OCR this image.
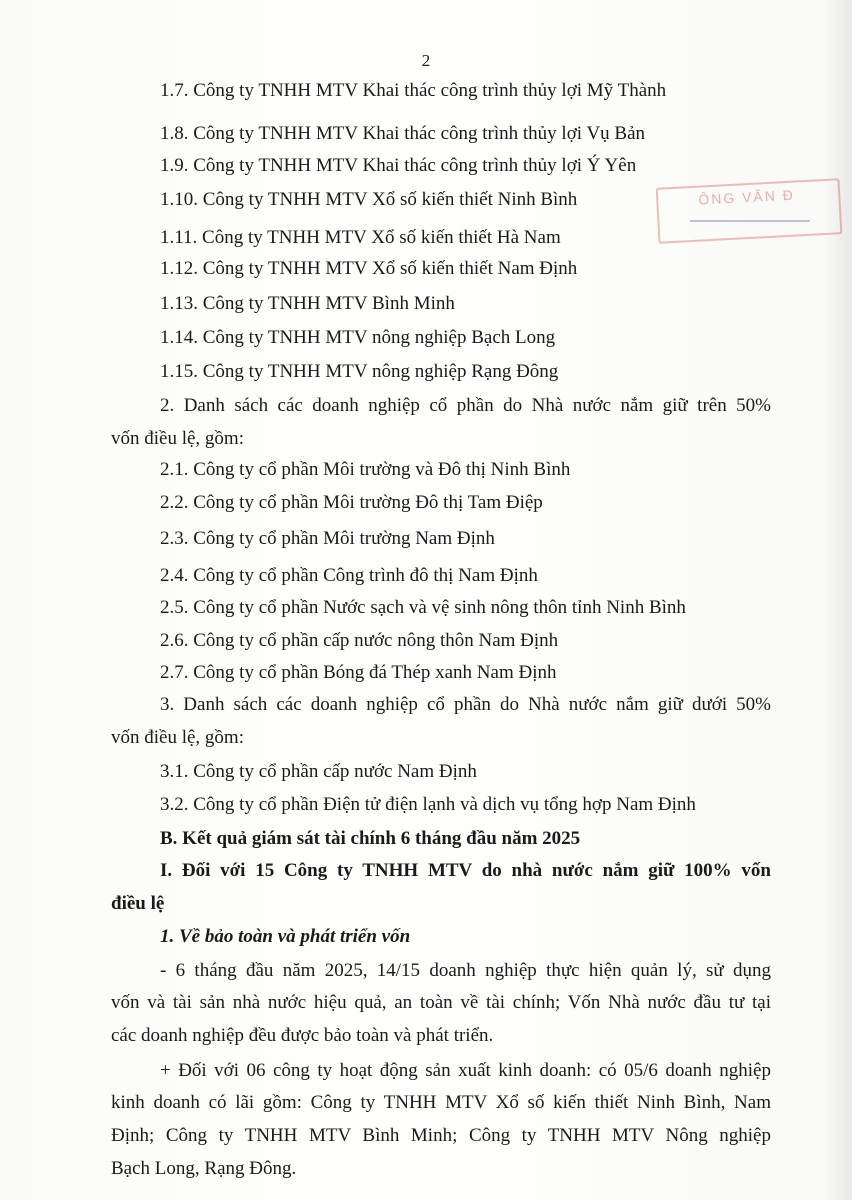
2
ÔNG VĂN Đ
1.7. Công ty TNHH MTV Khai thác công trình thủy lợi Mỹ Thành
1.8. Công ty TNHH MTV Khai thác công trình thủy lợi Vụ Bản
1.9. Công ty TNHH MTV Khai thác công trình thủy lợi Ý Yên
1.10. Công ty TNHH MTV Xổ số kiến thiết Ninh Bình
1.11. Công ty TNHH MTV Xổ số kiến thiết Hà Nam
1.12. Công ty TNHH MTV Xổ số kiến thiết Nam Định
1.13. Công ty TNHH MTV Bình Minh
1.14. Công ty TNHH MTV nông nghiệp Bạch Long
1.15. Công ty TNHH MTV nông nghiệp Rạng Đông
2. Danh sách các doanh nghiệp cổ phần do Nhà nước nắm giữ trên 50%
vốn điều lệ, gồm:
2.1. Công ty cổ phần Môi trường và Đô thị Ninh Bình
2.2. Công ty cổ phần Môi trường Đô thị Tam Điệp
2.3. Công ty cổ phần Môi trường Nam Định
2.4. Công ty cổ phần Công trình đô thị Nam Định
2.5. Công ty cổ phần Nước sạch và vệ sinh nông thôn tỉnh Ninh Bình
2.6. Công ty cổ phần cấp nước nông thôn Nam Định
2.7. Công ty cổ phần Bóng đá Thép xanh Nam Định
3. Danh sách các doanh nghiệp cổ phần do Nhà nước nắm giữ dưới 50%
vốn điều lệ, gồm:
3.1. Công ty cổ phần cấp nước Nam Định
3.2. Công ty cổ phần Điện tử điện lạnh và dịch vụ tổng hợp Nam Định
B. Kết quả giám sát tài chính 6 tháng đầu năm 2025
I. Đối với 15 Công ty TNHH MTV do nhà nước nắm giữ 100% vốn
điều lệ
1. Về bảo toàn và phát triển vốn
- 6 tháng đầu năm 2025, 14/15 doanh nghiệp thực hiện quản lý, sử dụng
vốn và tài sản nhà nước hiệu quả, an toàn về tài chính; Vốn Nhà nước đầu tư tại
các doanh nghiệp đều được bảo toàn và phát triển.
+ Đối với 06 công ty hoạt động sản xuất kinh doanh: có 05/6 doanh nghiệp
kinh doanh có lãi gồm: Công ty TNHH MTV Xổ số kiến thiết Ninh Bình, Nam
Định; Công ty TNHH MTV Bình Minh; Công ty TNHH MTV Nông nghiệp
Bạch Long, Rạng Đông.
